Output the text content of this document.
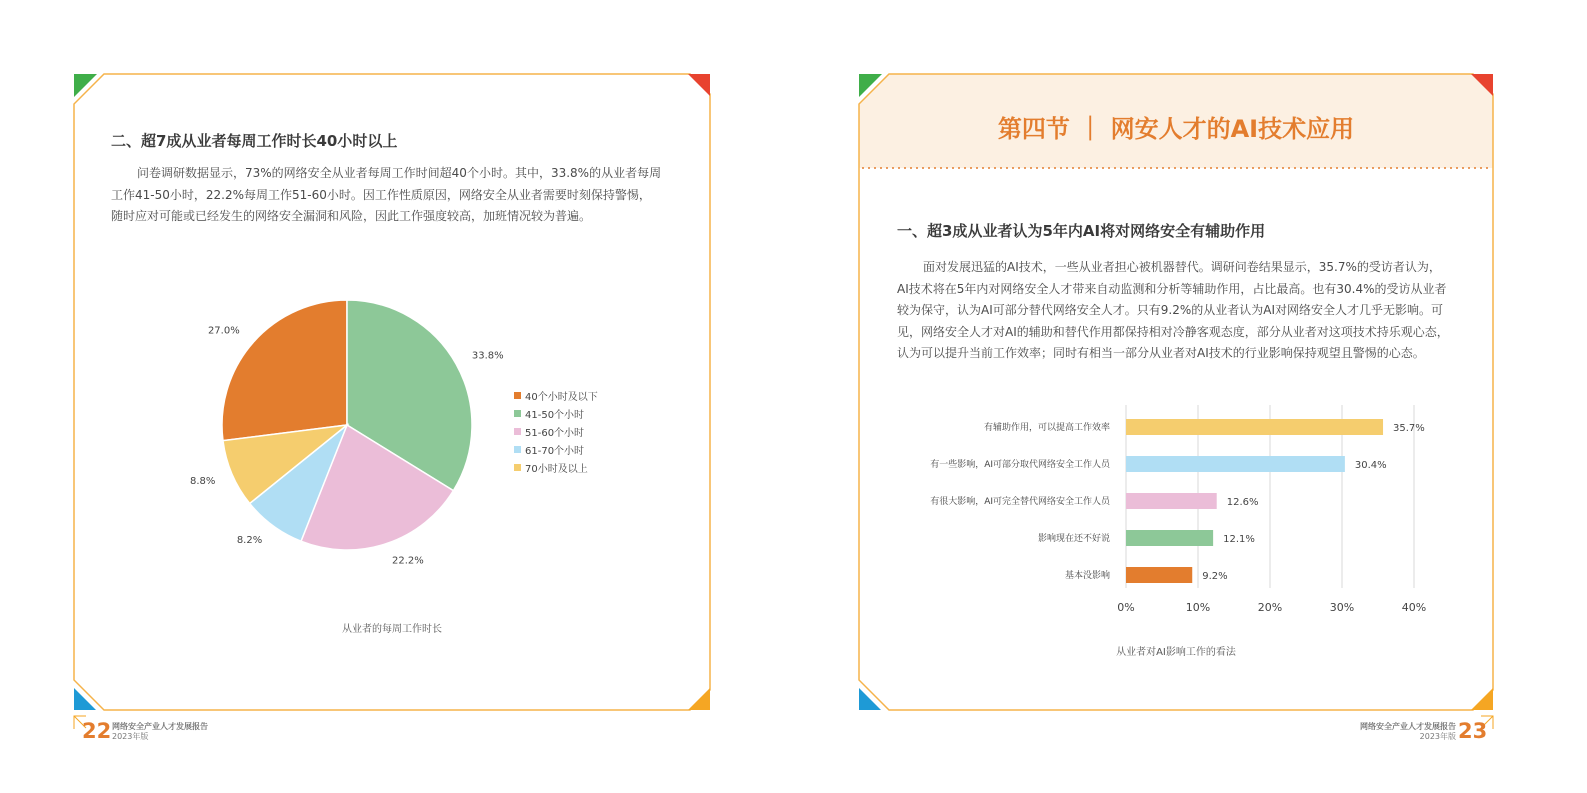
二、超7成从业者每周工作时长40小时以上
问卷调研数据显示，73%的网络安全从业者每周工作时间超40个小时。其中，33.8%的从业者每周
工作41-50小时，22.2%每周工作51-60小时。因工作性质原因，网络安全从业者需要时刻保持警惕，
随时应对可能或已经发生的网络安全漏洞和风险，因此工作强度较高，加班情况较为普遍。
27.0%
33.8%
22.2%
8.2%
8.8%
40个小时及以下
41-50个小时
51-60个小时
61-70个小时
70小时及以上
从业者的每周工作时长
22 网络安全产业人才发展报告
2023年版
第四节 ｜ 网安人才的AI技术应用
一、超3成从业者认为5年内AI将对网络安全有辅助作用
面对发展迅猛的AI技术，一些从业者担心被机器替代。调研问卷结果显示，35.7%的受访者认为，
AI技术将在5年内对网络安全人才带来自动监测和分析等辅助作用，占比最高。也有30.4%的受访从业者
较为保守，认为AI可部分替代网络安全人才。只有9.2%的从业者认为AI对网络安全人才几乎无影响。可
见，网络安全人才对AI的辅助和替代作用都保持相对冷静客观态度，部分从业者对这项技术持乐观心态，
认为可以提升当前工作效率；同时有相当一部分从业者对AI技术的行业影响保持观望且警惕的心态。
0%	10%	20%	30%	40%
有辅助作用，可以提高工作效率	35.7%
有一些影响，AI可部分取代网络安全工作人员	30.4%
有很大影响，AI可完全替代网络安全工作人员	12.6%
影响现在还不好说	12.1%
基本没影响	9.2%
从业者对AI影响工作的看法
23
网络安全产业人才发展报告
2023年版
